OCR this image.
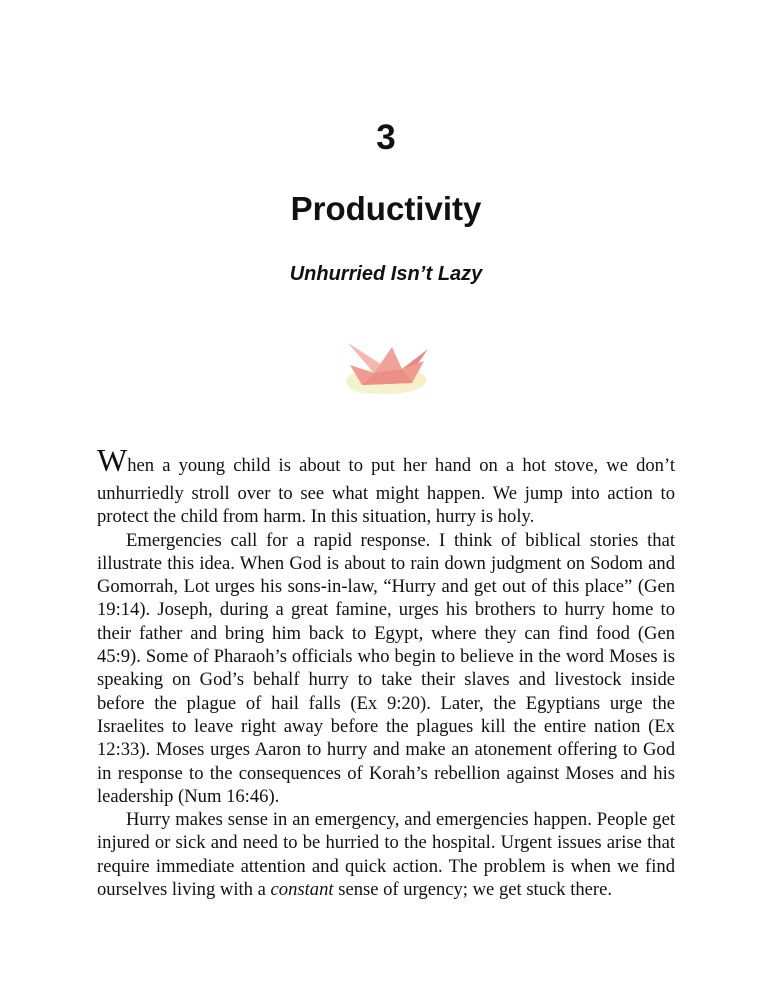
3
Productivity
Unhurried Isn’t Lazy

When a young child is about to put her hand on a hot stove, we don’t
unhurriedly stroll over to see what might happen. We jump into action to protect the child from harm. In this situation, hurry is holy.

Emergencies call for a rapid response. I think of biblical stories that illustrate this idea. When God is about to rain down judgment on Sodom and Gomorrah, Lot urges his sons-in-law, “Hurry and get out of this place” (Gen 19:14). Joseph, during a great famine, urges his brothers to hurry home to their father and bring him back to Egypt, where they can find food (Gen 45:9). Some of Pharaoh’s officials who begin to believe in the word Moses is speaking on God’s behalf hurry to take their slaves and livestock inside before the plague of hail falls (Ex 9:20). Later, the Egyptians urge the Israelites to leave right away before the plagues kill the entire nation (Ex 12:33). Moses urges Aaron to hurry and make an atonement offering to God in response to the consequences of Korah’s rebellion against Moses and his leadership (Num 16:46).

Hurry makes sense in an emergency, and emergencies happen. People get injured or sick and need to be hurried to the hospital. Urgent issues arise that require immediate attention and quick action. The problem is when we find ourselves living with a constant sense of urgency; we get stuck there.
